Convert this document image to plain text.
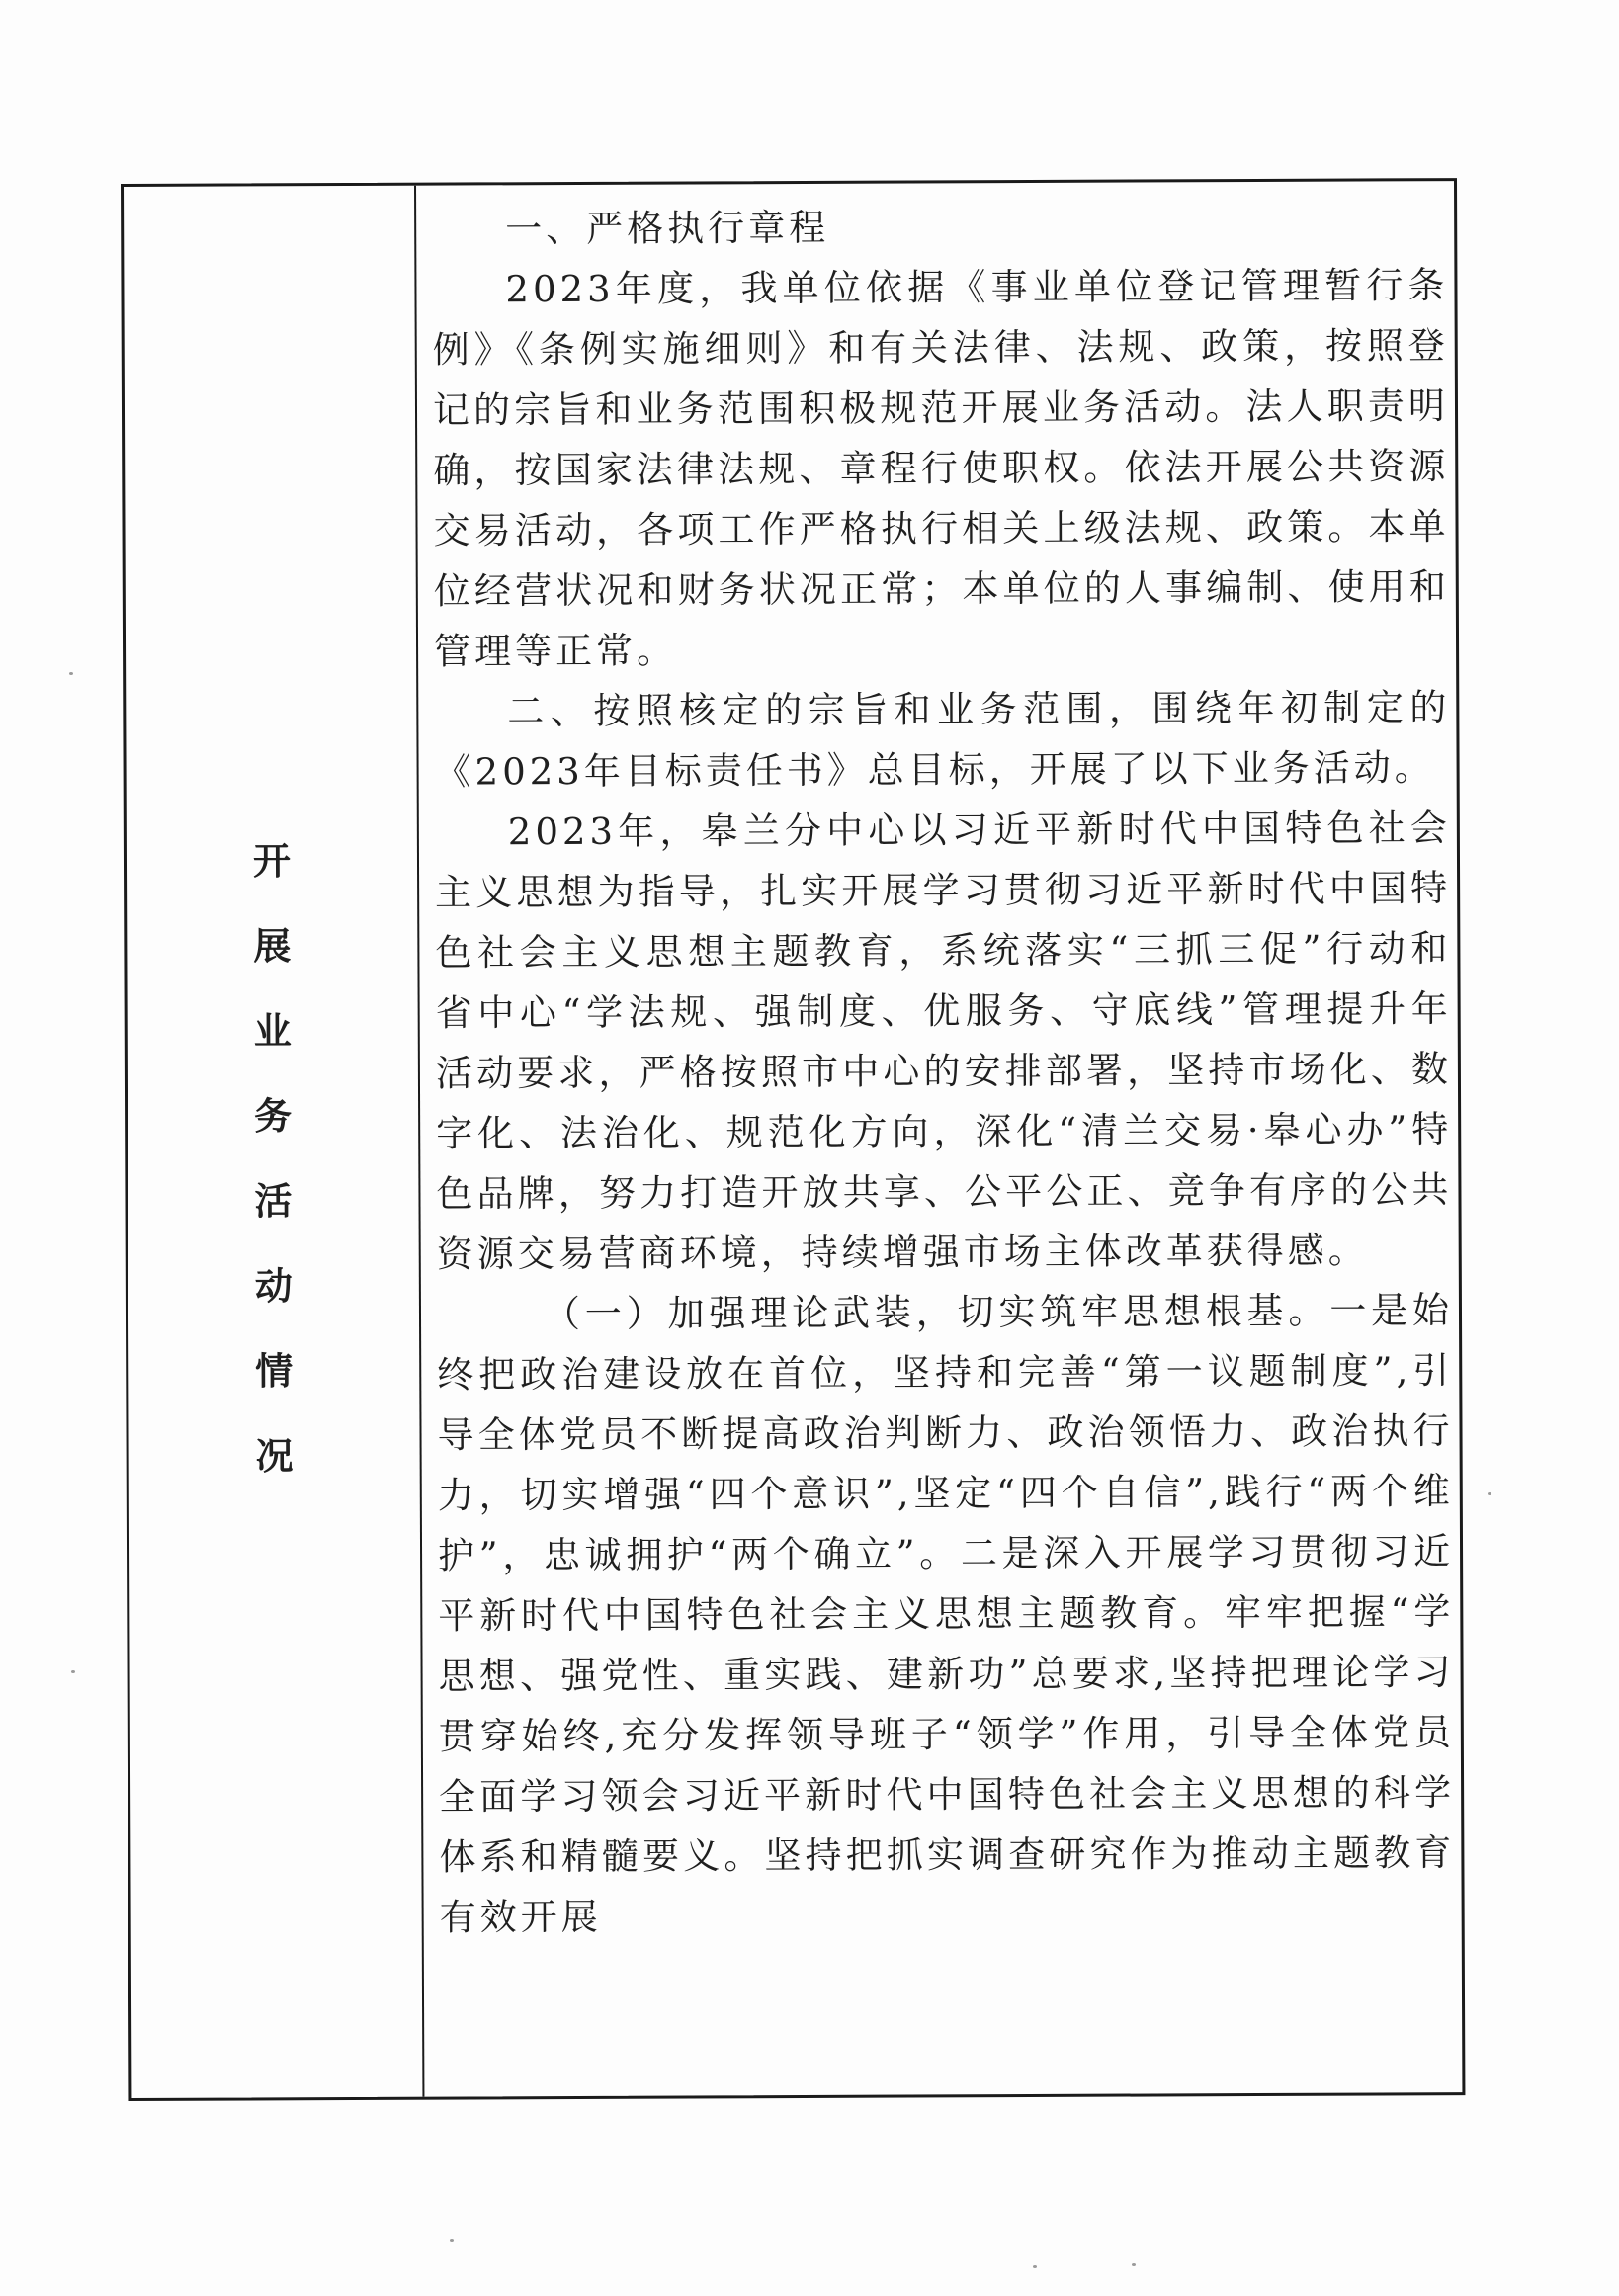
开
展
业
务
活
动
情
况

一、严格执行章程

2023年度，我单位依据《事业单位登记管理暂行条例》《条例实施细则》和有关法律、法规、政策，按照登记的宗旨和业务范围积极规范开展业务活动。法人职责明确，按国家法律法规、章程行使职权。依法开展公共资源交易活动，各项工作严格执行相关上级法规、政策。本单位经营状况和财务状况正常；本单位的人事编制、使用和管理等正常。

二、按照核定的宗旨和业务范围，围绕年初制定的《2023年目标责任书》总目标，开展了以下业务活动。

2023年，皋兰分中心以习近平新时代中国特色社会主义思想为指导，扎实开展学习贯彻习近平新时代中国特色社会主义思想主题教育，系统落实“三抓三促”行动和省中心“学法规、强制度、优服务、守底线”管理提升年活动要求，严格按照市中心的安排部署，坚持市场化、数字化、法治化、规范化方向，深化“清兰交易·皋心办”特色品牌，努力打造开放共享、公平公正、竞争有序的公共资源交易营商环境，持续增强市场主体改革获得感。

（一）加强理论武装，切实筑牢思想根基。一是始终把政治建设放在首位，坚持和完善“第一议题制度”,引导全体党员不断提高政治判断力、政治领悟力、政治执行力，切实增强“四个意识”,坚定“四个自信”,践行“两个维护”，忠诚拥护“两个确立”。二是深入开展学习贯彻习近平新时代中国特色社会主义思想主题教育。牢牢把握“学思想、强党性、重实践、建新功”总要求,坚持把理论学习贯穿始终,充分发挥领导班子“领学”作用，引导全体党员全面学习领会习近平新时代中国特色社会主义思想的科学体系和精髓要义。坚持把抓实调查研究作为推动主题教育有效开展
